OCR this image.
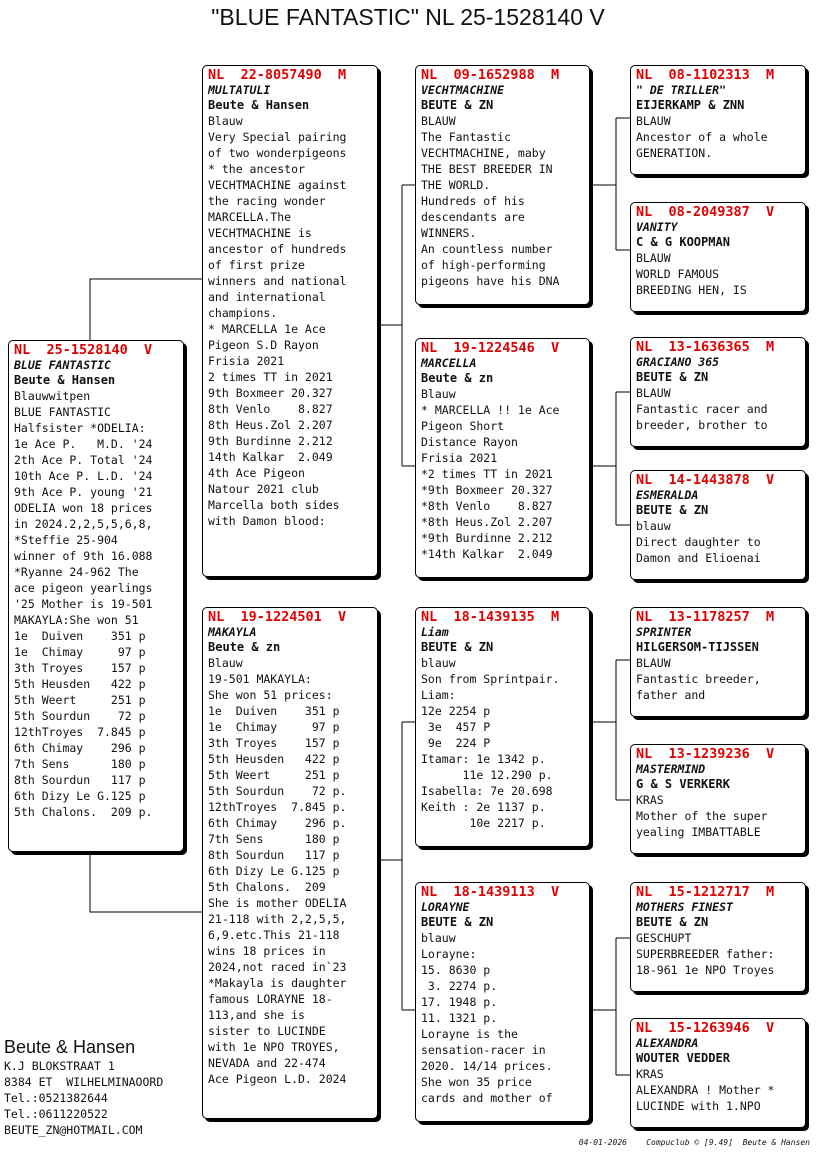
"BLUE FANTASTIC" NL 25-1528140 V
NL  25-1528140  V
BLUE FANTASTIC
Beute & Hansen
Blauwwitpen
BLUE FANTASTIC
Halfsister *ODELIA:
1e Ace P.   M.D. '24
2th Ace P. Total '24
10th Ace P. L.D. '24
9th Ace P. young '21
ODELIA won 18 prices
in 2024.2,2,5,5,6,8,
*Steffie 25-904
winner of 9th 16.088
*Ryanne 24-962 The
ace pigeon yearlings
'25 Mother is 19-501
MAKAYLA:She won 51
1e  Duiven    351 p
1e  Chimay     97 p
3th Troyes    157 p
5th Heusden   422 p
5th Weert     251 p
5th Sourdun    72 p
12thTroyes  7.845 p
6th Chimay    296 p
7th Sens      180 p
8th Sourdun   117 p
6th Dizy Le G.125 p
5th Chalons.  209 p.
NL  22-8057490  M
MULTATULI
Beute & Hansen
Blauw
Very Special pairing
of two wonderpigeons
* the ancestor
VECHTMACHINE against
the racing wonder
MARCELLA.The
VECHTMACHINE is
ancestor of hundreds
of first prize
winners and national
and international
champions.
* MARCELLA 1e Ace
Pigeon S.D Rayon
Frisia 2021
2 times TT in 2021
9th Boxmeer 20.327
8th Venlo    8.827
8th Heus.Zol 2.207
9th Burdinne 2.212
14th Kalkar  2.049
4th Ace Pigeon
Natour 2021 club
Marcella both sides
with Damon blood:
NL  19-1224501  V
MAKAYLA
Beute & zn
Blauw
19-501 MAKAYLA:
She won 51 prices:
1e  Duiven    351 p
1e  Chimay     97 p
3th Troyes    157 p
5th Heusden   422 p
5th Weert     251 p
5th Sourdun    72 p.
12thTroyes  7.845 p.
6th Chimay    296 p.
7th Sens      180 p
8th Sourdun   117 p
6th Dizy Le G.125 p
5th Chalons.  209
She is mother ODELIA
21-118 with 2,2,5,5,
6,9.etc.This 21-118
wins 18 prices in
2024,not raced in`23
*Makayla is daughter
famous LORAYNE 18-
113,and she is
sister to LUCINDE
with 1e NPO TROYES,
NEVADA and 22-474
Ace Pigeon L.D. 2024
NL  09-1652988  M
VECHTMACHINE
BEUTE & ZN
BLAUW
The Fantastic
VECHTMACHINE, maby
THE BEST BREEDER IN
THE WORLD.
Hundreds of his
descendants are
WINNERS.
An countless number
of high-performing
pigeons have his DNA
NL  19-1224546  V
MARCELLA
Beute & zn
Blauw
* MARCELLA !! 1e Ace
Pigeon Short
Distance Rayon
Frisia 2021
*2 times TT in 2021
*9th Boxmeer 20.327
*8th Venlo    8.827
*8th Heus.Zol 2.207
*9th Burdinne 2.212
*14th Kalkar  2.049
NL  18-1439135  M
Liam
BEUTE & ZN
blauw
Son from Sprintpair.
Liam:
12e 2254 p
3e  457 P
9e  224 P
Itamar: 1e 1342 p.
11e 12.290 p.
Isabella: 7e 20.698
Keith : 2e 1137 p.
10e 2217 p.
NL  18-1439113  V
LORAYNE
BEUTE & ZN
blauw
Lorayne:
15. 8630 p
3. 2274 p.
17. 1948 p.
11. 1321 p.
Lorayne is the
sensation-racer in
2020. 14/14 prices.
She won 35 price
cards and mother of
NL  08-1102313  M
" DE TRILLER"
EIJERKAMP & ZNN
BLAUW
Ancestor of a whole
GENERATION.
NL  08-2049387  V
VANITY
C & G KOOPMAN
BLAUW
WORLD FAMOUS
BREEDING HEN, IS
NL  13-1636365  M
GRACIANO 365
BEUTE & ZN
BLAUW
Fantastic racer and
breeder, brother to
NL  14-1443878  V
ESMERALDA
BEUTE & ZN
blauw
Direct daughter to
Damon and Elioenai
NL  13-1178257  M
SPRINTER
HILGERSOM-TIJSSEN
BLAUW
Fantastic breeder,
father and
NL  13-1239236  V
MASTERMIND
G & S VERKERK
KRAS
Mother of the super
yealing IMBATTABLE
NL  15-1212717  M
MOTHERS FINEST
BEUTE & ZN
GESCHUPT
SUPERBREEDER father:
18-961 1e NPO Troyes
NL  15-1263946  V
ALEXANDRA
WOUTER VEDDER
KRAS
ALEXANDRA ! Mother *
LUCINDE with 1.NPO
Beute & Hansen
K.J BLOKSTRAAT 1
8384 ET  WILHELMINAOORD
Tel.:0521382644
Tel.:0611220522
BEUTE_ZN@HOTMAIL.COM
04-01-2026 Compuclub © [9.49] Beute & Hansen
